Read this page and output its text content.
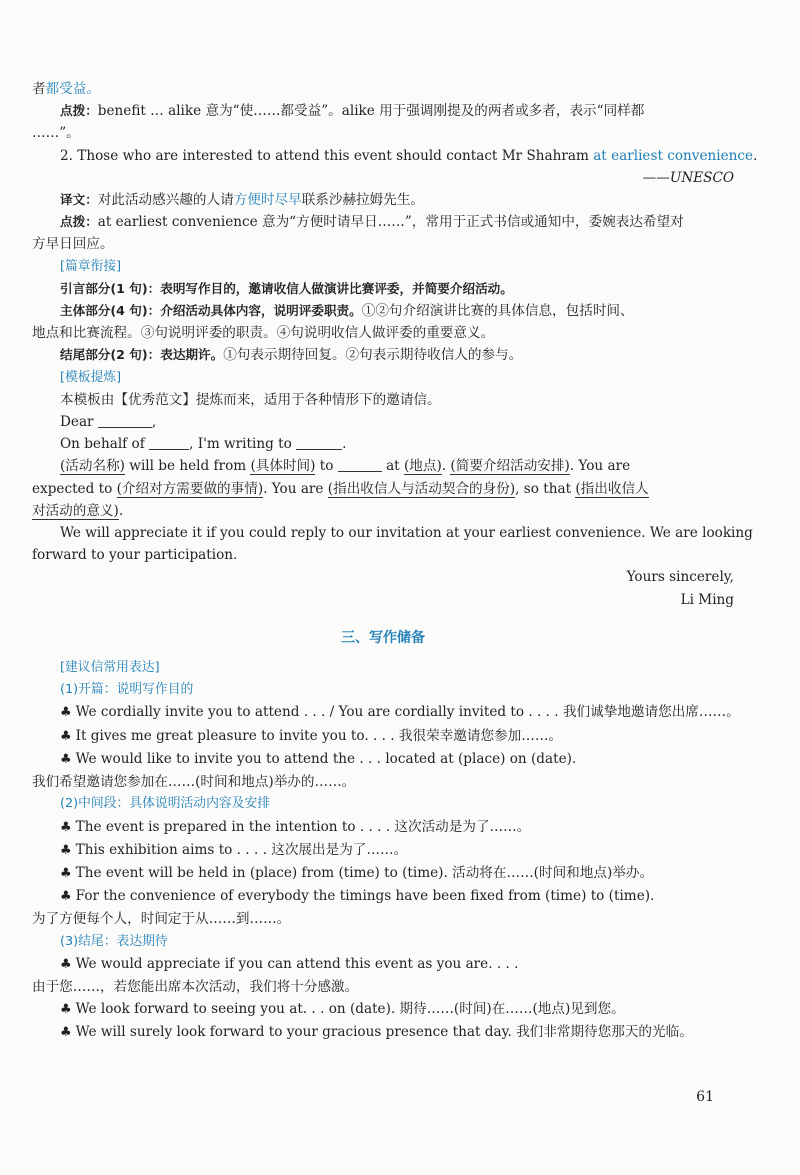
者都受益。
点拨：benefit … alike 意为“使……都受益”。alike 用于强调刚提及的两者或多者，表示“同样都
……”。
2. Those who are interested to attend this event should contact Mr Shahram at earliest convenience.
——UNESCO
译文：对此活动感兴趣的人请方便时尽早联系沙赫拉姆先生。
点拨：at earliest convenience 意为“方便时请早日……”，常用于正式书信或通知中，委婉表达希望对
方早日回应。
[篇章衔接]
引言部分(1 句)：表明写作目的，邀请收信人做演讲比赛评委，并简要介绍活动。
主体部分(4 句)：介绍活动具体内容，说明评委职责。①②句介绍演讲比赛的具体信息，包括时间、
地点和比赛流程。③句说明评委的职责。④句说明收信人做评委的重要意义。
结尾部分(2 句)：表达期许。①句表示期待回复。②句表示期待收信人的参与。
[模板提炼]
本模板由【优秀范文】提炼而来，适用于各种情形下的邀请信。
Dear	,
On behalf of	, I'm writing to	.
(活动名称) will be held from (具体时间) to	at (地点). (简要介绍活动安排). You are
expected to (介绍对方需要做的事情). You are (指出收信人与活动契合的身份), so that (指出收信人
对活动的意义).
We will appreciate it if you could reply to our invitation at your earliest convenience. We are looking
forward to your participation.
Yours sincerely,
Li Ming
三、写作储备
[建议信常用表达]
(1)开篇：说明写作目的
♣ We cordially invite you to attend . . . / You are cordially invited to . . . . 我们诚挚地邀请您出席……。
♣ It gives me great pleasure to invite you to. . . . 我很荣幸邀请您参加……。
♣ We would like to invite you to attend the . . . located at (place) on (date).
我们希望邀请您参加在……(时间和地点)举办的……。
(2)中间段：具体说明活动内容及安排
♣ The event is prepared in the intention to . . . . 这次活动是为了……。
♣ This exhibition aims to . . . . 这次展出是为了……。
♣ The event will be held in (place) from (time) to (time). 活动将在……(时间和地点)举办。
♣ For the convenience of everybody the timings have been fixed from (time) to (time).
为了方便每个人，时间定于从……到……。
(3)结尾：表达期待
♣ We would appreciate if you can attend this event as you are. . . .
由于您……，若您能出席本次活动，我们将十分感激。
♣ We look forward to seeing you at. . . on (date). 期待……(时间)在……(地点)见到您。
♣ We will surely look forward to your gracious presence that day. 我们非常期待您那天的光临。
61
